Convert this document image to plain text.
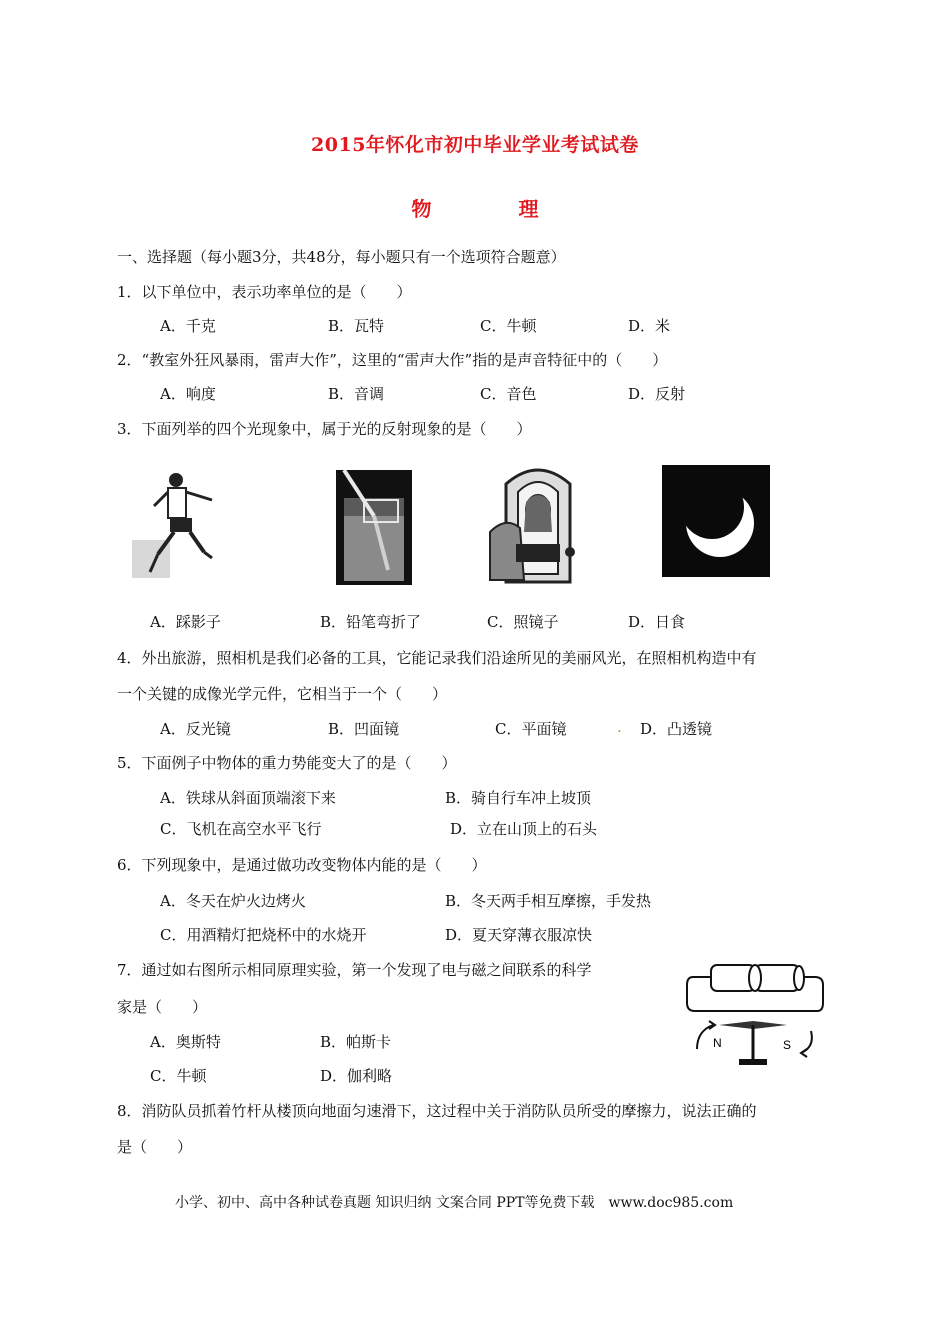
2015年怀化市初中毕业学业考试试卷
物 理
一、选择题（每小题3分，共48分，每小题只有一个选项符合题意）
1．以下单位中，表示功率单位的是（　　）
A．千克	B．瓦特	C．牛顿	D．米
2．“教室外狂风暴雨，雷声大作”，这里的“雷声大作”指的是声音特征中的（　　）
A．响度	B．音调	C．音色	D．反射
3．下面列举的四个光现象中，属于光的反射现象的是（　　）
A．踩影子	B．铅笔弯折了	C．照镜子	D．日食
4．外出旅游，照相机是我们必备的工具，它能记录我们沿途所见的美丽风光，在照相机构造中有
一个关键的成像光学元件，它相当于一个（　　）
A．反光镜	B．凹面镜	C．平面镜	. D．凸透镜
5．下面例子中物体的重力势能变大了的是（　　）
A．铁球从斜面顶端滚下来	B．骑自行车冲上坡顶
C．飞机在高空水平飞行	D．立在山顶上的石头
6．下列现象中，是通过做功改变物体内能的是（　　）
A．冬天在炉火边烤火	B．冬天两手相互摩擦，手发热
C．用酒精灯把烧杯中的水烧开	D．夏天穿薄衣服凉快
7．通过如右图所示相同原理实验，第一个发现了电与磁之间联系的科学
家是（　　）
A．奥斯特	B．帕斯卡
C．牛顿	D．伽利略
N	S
8．消防队员抓着竹杆从楼顶向地面匀速滑下，这过程中关于消防队员所受的摩擦力，说法正确的
是（　　）
小学、初中、高中各种试卷真题 知识归纳 文案合同 PPT等免费下载　www.doc985.com
